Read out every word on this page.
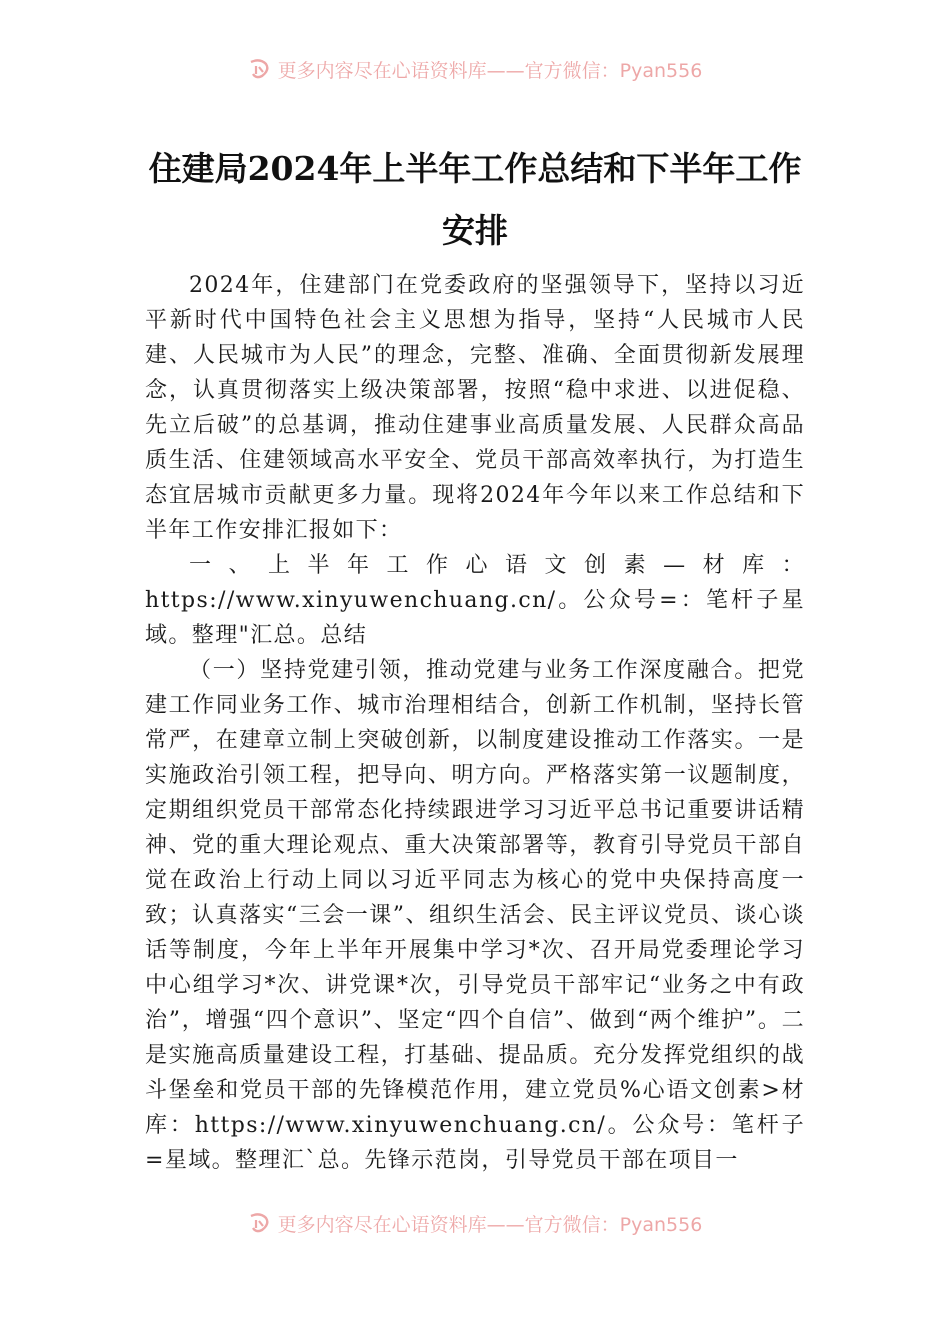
更多内容尽在心语资料库——官方微信：Pyan556
住建局2024年上半年工作总结和下半年工作安排

2024年，住建部门在党委政府的坚强领导下，坚持以习近平新时代中国特色社会主义思想为指导，坚持“人民城市人民建、人民城市为人民”的理念，完整、准确、全面贯彻新发展理念，认真贯彻落实上级决策部署，按照“稳中求进、以进促稳、先立后破”的总基调，推动住建事业高质量发展、人民群众高品质生活、住建领域高水平安全、党员干部高效率执行，为打造生态宜居城市贡献更多力量。现将2024年今年以来工作总结和下半年工作安排汇报如下：

一、上半年工作心语文创素—材库：https://www.xinyuwenchuang.cn/。公众号=：笔杆子星域。整理"汇总。总结

（一）坚持党建引领，推动党建与业务工作深度融合。把党建工作同业务工作、城市治理相结合，创新工作机制，坚持长管常严，在建章立制上突破创新，以制度建设推动工作落实。一是实施政治引领工程，把导向、明方向。严格落实第一议题制度，定期组织党员干部常态化持续跟进学习习近平总书记重要讲话精神、党的重大理论观点、重大决策部署等，教育引导党员干部自觉在政治上行动上同以习近平同志为核心的党中央保持高度一致；认真落实“三会一课”、组织生活会、民主评议党员、谈心谈话等制度，今年上半年开展集中学习*次、召开局党委理论学习中心组学习*次、讲党课*次，引导党员干部牢记“业务之中有政治”，增强“四个意识”、坚定“四个自信”、做到“两个维护”。二是实施高质量建设工程，打基础、提品质。充分发挥党组织的战斗堡垒和党员干部的先锋模范作用，建立党员%心语文创素>材库：https://www.xinyuwenchuang.cn/。公众号：笔杆子=星域。整理汇`总。先锋示范岗，引导党员干部在项目一

更多内容尽在心语资料库——官方微信：Pyan556
